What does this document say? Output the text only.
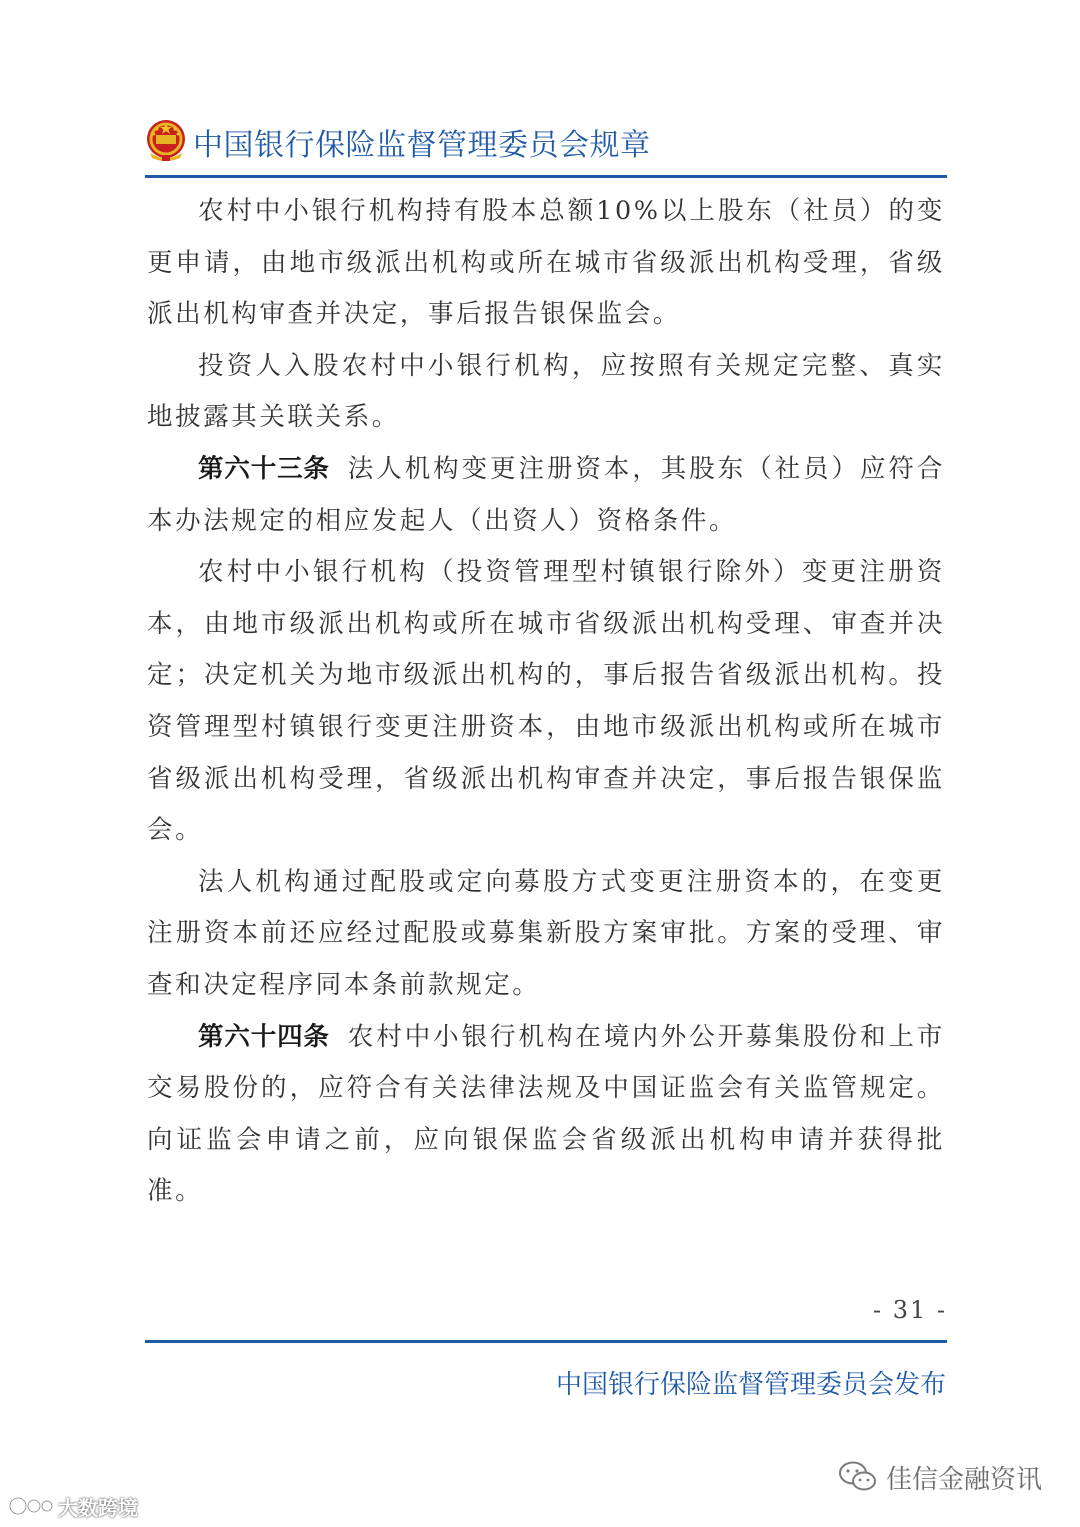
中国银行保险监督管理委员会规章

农村中小银行机构持有股本总额10%以上股东（社员）的变更申请，由地市级派出机构或所在城市省级派出机构受理，省级派出机构审查并决定，事后报告银保监会。

投资人入股农村中小银行机构，应按照有关规定完整、真实地披露其关联关系。

第六十三条 法人机构变更注册资本，其股东（社员）应符合本办法规定的相应发起人（出资人）资格条件。

农村中小银行机构（投资管理型村镇银行除外）变更注册资本，由地市级派出机构或所在城市省级派出机构受理、审查并决定；决定机关为地市级派出机构的，事后报告省级派出机构。投资管理型村镇银行变更注册资本，由地市级派出机构或所在城市省级派出机构受理，省级派出机构审查并决定，事后报告银保监会。

法人机构通过配股或定向募股方式变更注册资本的，在变更注册资本前还应经过配股或募集新股方案审批。方案的受理、审查和决定程序同本条前款规定。

第六十四条 农村中小银行机构在境内外公开募集股份和上市交易股份的，应符合有关法律法规及中国证监会有关监管规定。向证监会申请之前，应向银保监会省级派出机构申请并获得批准。

- 31 -
中国银行保险监督管理委员会发布
佳信金融资讯
大数跨境
